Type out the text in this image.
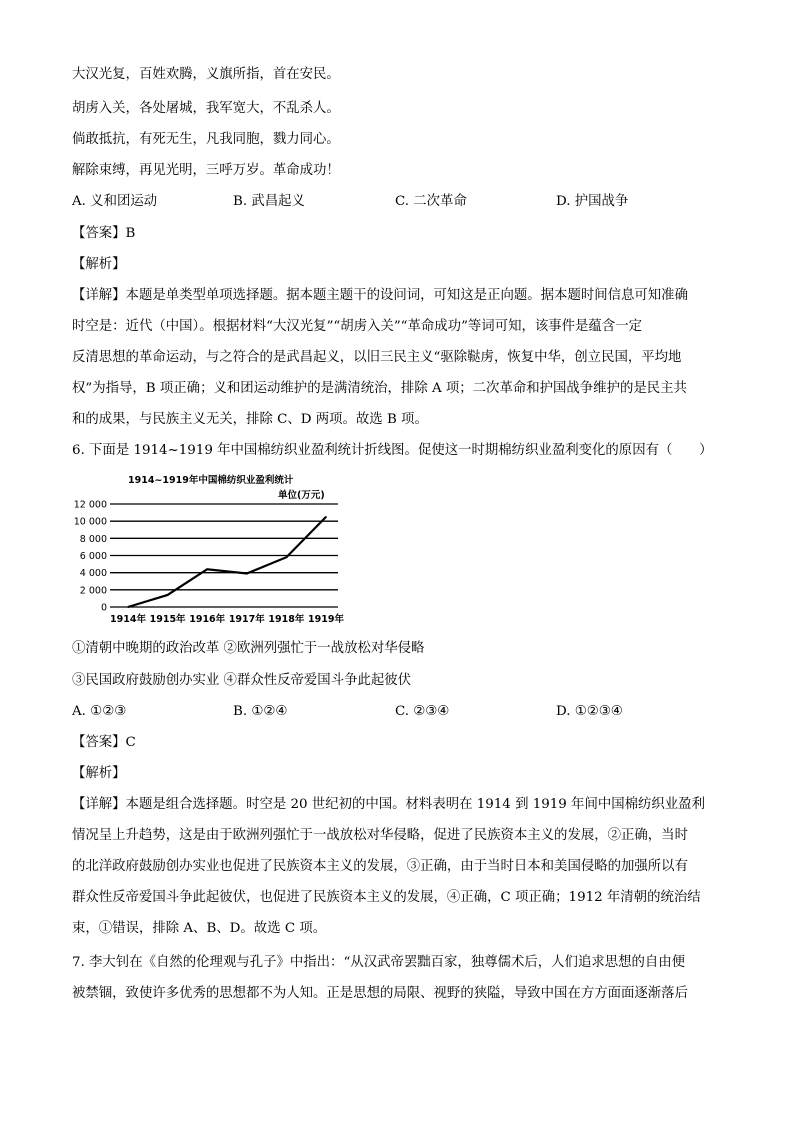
大汉光复，百姓欢腾，义旗所指，首在安民。
胡虏入关，各处屠城，我军宽大，不乱杀人。
倘敢抵抗，有死无生，凡我同胞，戮力同心。
解除束缚，再见光明，三呼万岁。革命成功！
A. 义和团运动	B. 武昌起义	C. 二次革命	D. 护国战争
【答案】B
【解析】
【详解】本题是单类型单项选择题。据本题主题干的设问词，可知这是正向题。据本题时间信息可知准确
时空是：近代（中国）。根据材料“大汉光复”“胡虏入关”“革命成功”等词可知，该事件是蕴含一定
反清思想的革命运动，与之符合的是武昌起义，以旧三民主义“驱除鞑虏，恢复中华，创立民国，平均地
权”为指导，B 项正确；义和团运动维护的是满清统治，排除 A 项；二次革命和护国战争维护的是民主共
和的成果，与民族主义无关，排除 C、D 两项。故选 B 项。
6. 下面是 1914~1919 年中国棉纺织业盈利统计折线图。促使这一时期棉纺织业盈利变化的原因有（　　）
1914~1919年中国棉纺织业盈利统计
单位(万元)
0
2 000
4 000
6 000
8 000
10 000
12 000
1914年 1915年 1916年 1917年 1918年 1919年
①清朝中晚期的政治改革 ②欧洲列强忙于一战放松对华侵略
③民国政府鼓励创办实业 ④群众性反帝爱国斗争此起彼伏
A. ①②③	B. ①②④	C. ②③④	D. ①②③④
【答案】C
【解析】
【详解】本题是组合选择题。时空是 20 世纪初的中国。材料表明在 1914 到 1919 年间中国棉纺织业盈利
情况呈上升趋势，这是由于欧洲列强忙于一战放松对华侵略，促进了民族资本主义的发展，②正确，当时
的北洋政府鼓励创办实业也促进了民族资本主义的发展，③正确，由于当时日本和美国侵略的加强所以有
群众性反帝爱国斗争此起彼伏，也促进了民族资本主义的发展，④正确，C 项正确；1912 年清朝的统治结
束，①错误，排除 A、B、D。故选 C 项。
7. 李大钊在《自然的伦理观与孔子》中指出：“从汉武帝罢黜百家，独尊儒术后，人们追求思想的自由便
被禁锢，致使许多优秀的思想都不为人知。正是思想的局限、视野的狭隘，导致中国在方方面面逐渐落后
